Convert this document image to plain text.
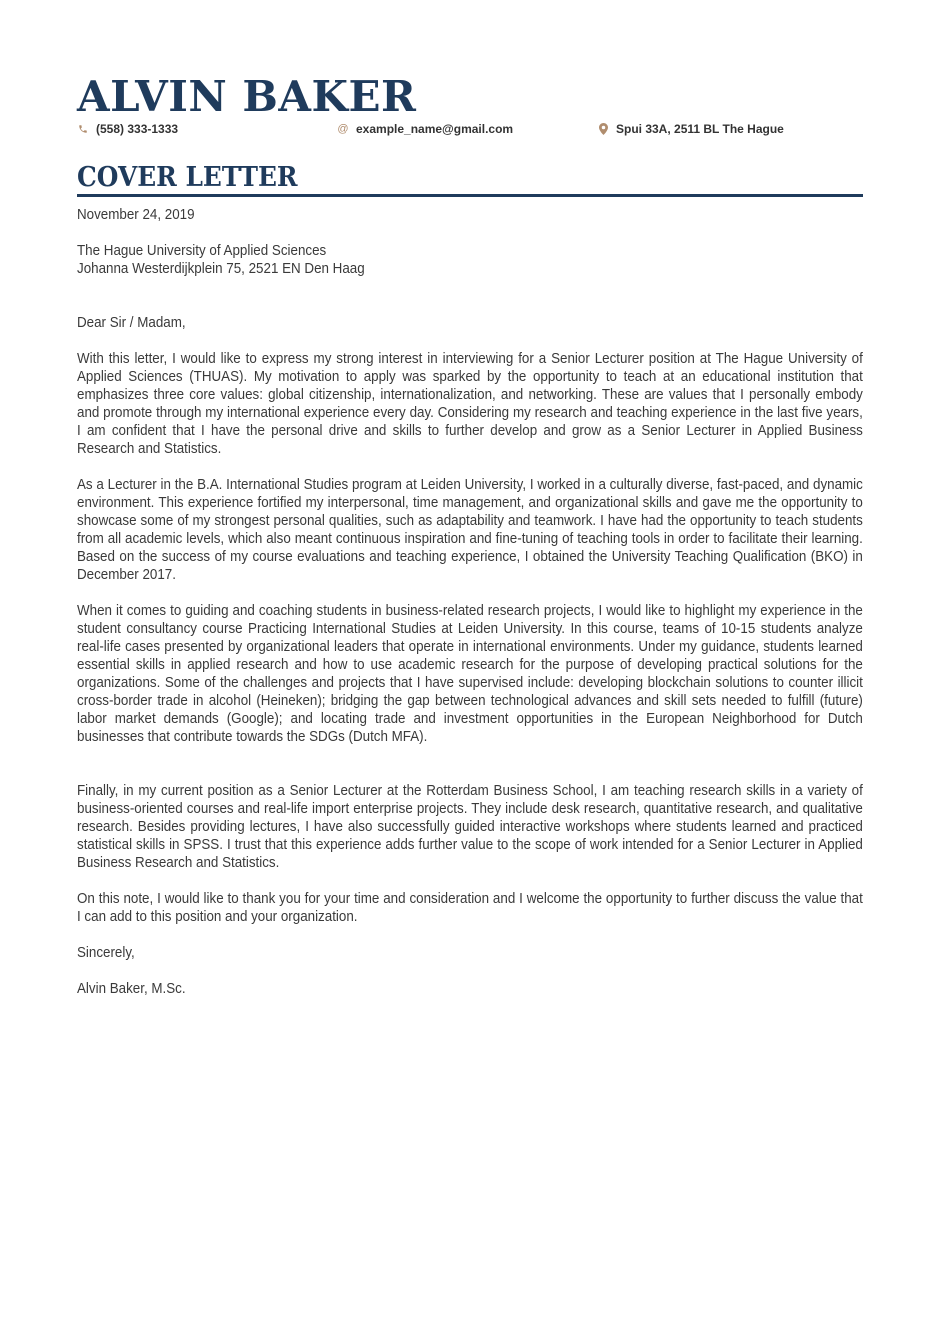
ALVIN BAKER
(558) 333-1333	@ example_name@gmail.com	Spui 33A, 2511 BL The Hague
COVER LETTER
November 24, 2019
The Hague University of Applied Sciences
Johanna Westerdijkplein 75, 2521 EN Den Haag
Dear Sir / Madam,
With this letter, I would like to express my strong interest in interviewing for a Senior Lecturer position at The Hague University of Applied Sciences (THUAS). My motivation to apply was sparked by the opportunity to teach at an educational institution that emphasizes three core values: global citizenship, internationalization, and networking. These are values that I personally embody and promote through my international experience every day. Considering my research and teaching experience in the last five years, I am confident that I have the personal drive and skills to further develop and grow as a Senior Lecturer in Applied Business Research and Statistics.
As a Lecturer in the B.A. International Studies program at Leiden University, I worked in a culturally diverse, fast-paced, and dynamic environment. This experience fortified my interpersonal, time management, and organizational skills and gave me the opportunity to showcase some of my strongest personal qualities, such as adaptability and teamwork. I have had the opportunity to teach students from all academic levels, which also meant continuous inspiration and fine-tuning of teaching tools in order to facilitate their learning. Based on the success of my course evaluations and teaching experience, I obtained the University Teaching Qualification (BKO) in December 2017.
When it comes to guiding and coaching students in business-related research projects, I would like to highlight my experience in the student consultancy course Practicing International Studies at Leiden University. In this course, teams of 10-15 students analyze real-life cases presented by organizational leaders that operate in international environments. Under my guidance, students learned essential skills in applied research and how to use academic research for the purpose of developing practical solutions for the organizations. Some of the challenges and projects that I have supervised include: developing blockchain solutions to counter illicit cross-border trade in alcohol (Heineken); bridging the gap between technological advances and skill sets needed to fulfill (future) labor market demands (Google); and locating trade and investment opportunities in the European Neighborhood for Dutch businesses that contribute towards the SDGs (Dutch MFA).
Finally, in my current position as a Senior Lecturer at the Rotterdam Business School, I am teaching research skills in a variety of business-oriented courses and real-life import enterprise projects. They include desk research, quantitative research, and qualitative research. Besides providing lectures, I have also successfully guided interactive workshops where students learned and practiced statistical skills in SPSS. I trust that this experience adds further value to the scope of work intended for a Senior Lecturer in Applied Business Research and Statistics.
On this note, I would like to thank you for your time and consideration and I welcome the opportunity to further discuss the value that I can add to this position and your organization.
Sincerely,
Alvin Baker, M.Sc.
